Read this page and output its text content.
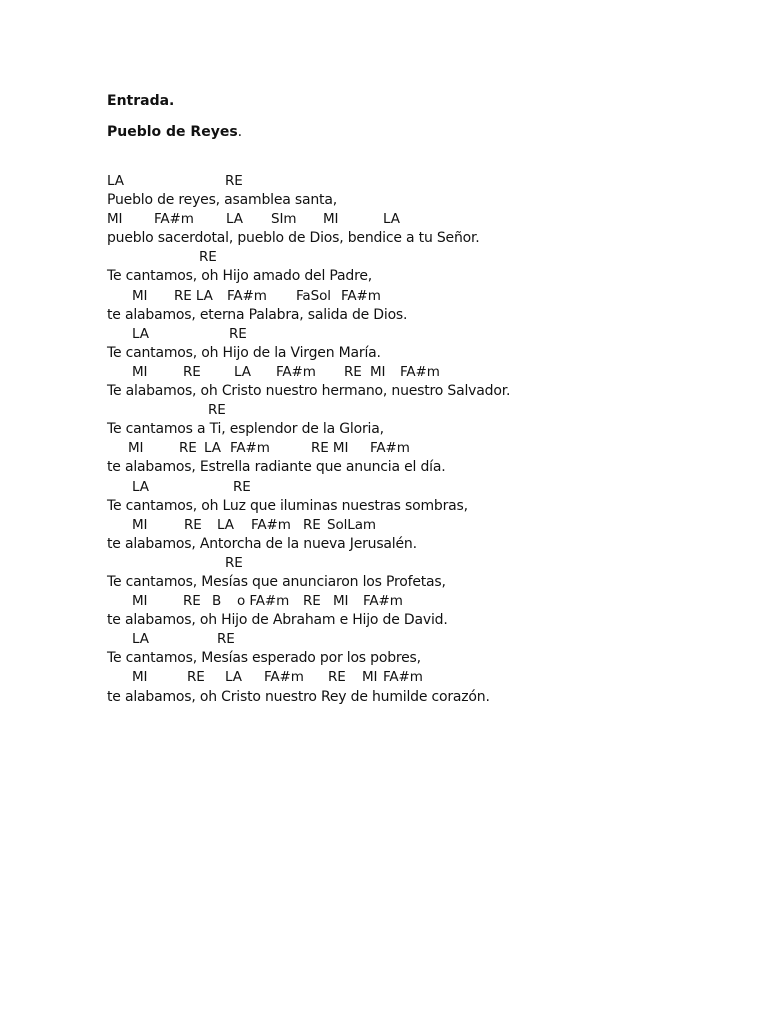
Entrada.
Pueblo de Reyes.
LA	RE
Pueblo de reyes, asamblea santa,
MI FA#m LA SIm MI	LA
pueblo sacerdotal, pueblo de Dios, bendice a tu Señor.
RE
Te cantamos, oh Hijo amado del Padre,
MI RE LA FA#m FaSol FA#m
te alabamos, eterna Palabra, salida de Dios.
LA	RE
Te cantamos, oh Hijo de la Virgen María.
MI	RE LA FA#m RE MI FA#m
Te alabamos, oh Cristo nuestro hermano, nuestro Salvador.
RE
Te cantamos a Ti, esplendor de la Gloria,
MI	RE LA FA#m	RE MI FA#m
te alabamos, Estrella radiante que anuncia el día.
LA	RE
Te cantamos, oh Luz que iluminas nuestras sombras,
MI	RE LA FA#m RE SolLam
te alabamos, Antorcha de la nueva Jerusalén.
RE
Te cantamos, Mesías que anunciaron los Profetas,
MI	RE B o FA#m RE MI FA#m
te alabamos, oh Hijo de Abraham e Hijo de David.
LA	RE
Te cantamos, Mesías esperado por los pobres,
MI	RE LA FA#m RE MI FA#m
te alabamos, oh Cristo nuestro Rey de humilde corazón.
